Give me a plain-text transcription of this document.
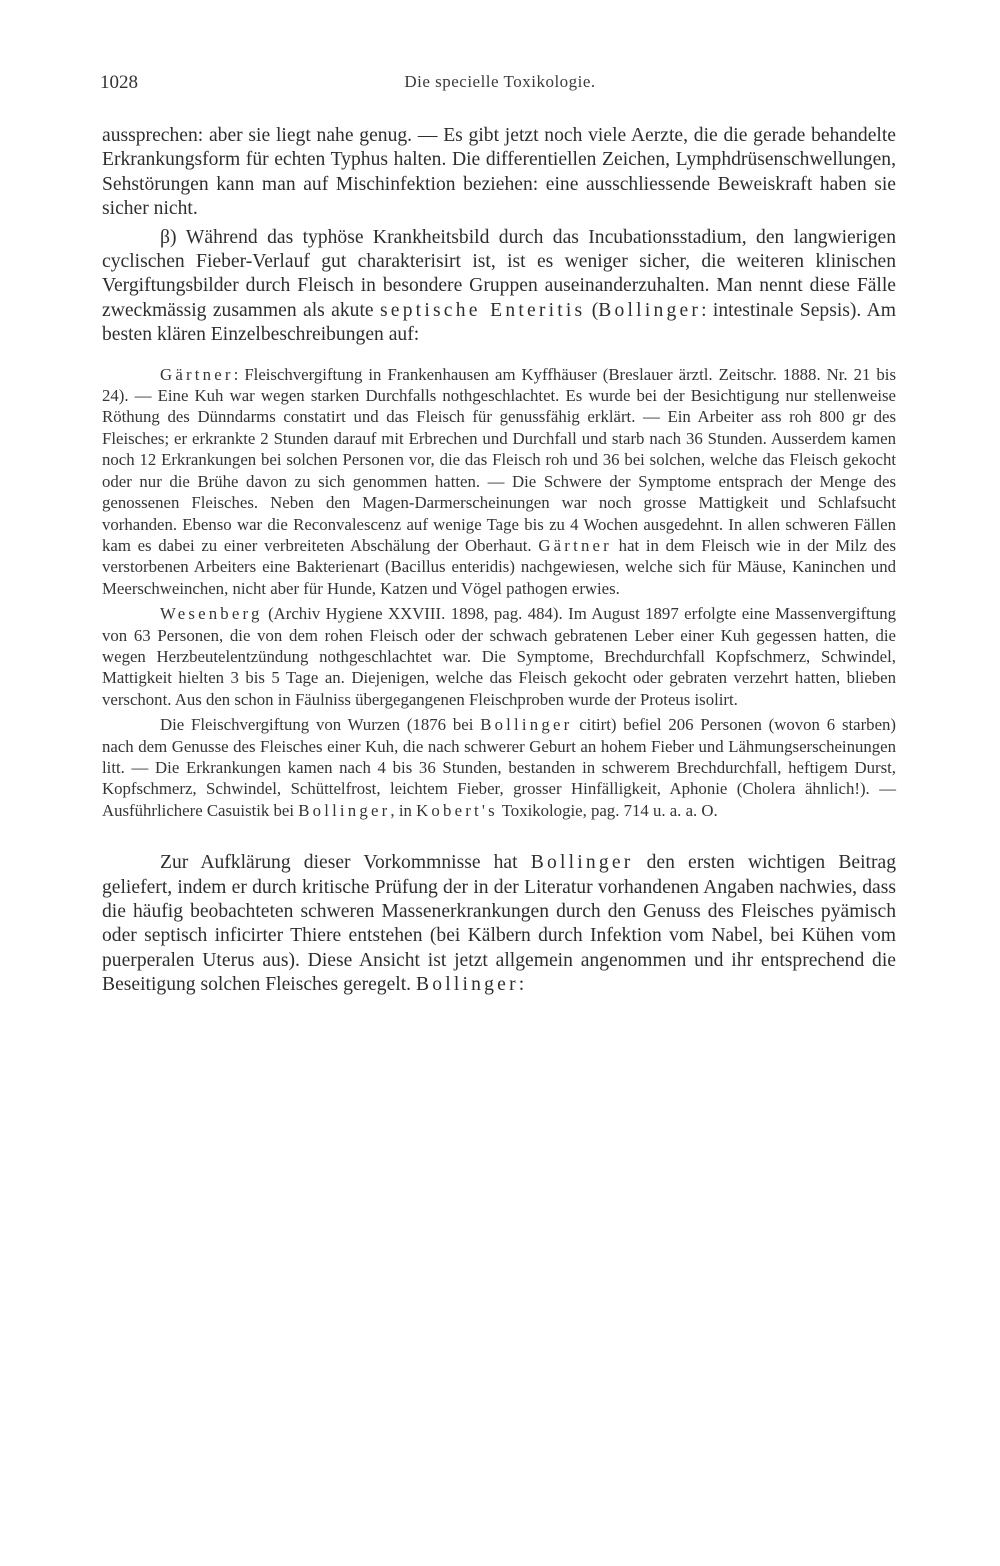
1028	Die specielle Toxikologie.

aussprechen: aber sie liegt nahe genug. — Es gibt jetzt noch viele Aerzte, die die gerade behandelte Erkrankungsform für echten Typhus halten. Die differentiellen Zeichen, Lymphdrüsenschwellungen, Sehstörungen kann man auf Mischinfektion beziehen: eine ausschliessende Beweiskraft haben sie sicher nicht.

β) Während das typhöse Krankheitsbild durch das Incubationsstadium, den langwierigen cyclischen Fieber-Verlauf gut charakterisirt ist, ist es weniger sicher, die weiteren klinischen Vergiftungsbilder durch Fleisch in besondere Gruppen auseinanderzuhalten. Man nennt diese Fälle zweckmässig zusammen als akute septische Enteritis (Bollinger: intestinale Sepsis). Am besten klären Einzelbeschreibungen auf:

Gärtner: Fleischvergiftung in Frankenhausen am Kyffhäuser (Breslauer ärztl. Zeitschr. 1888. Nr. 21 bis 24). — Eine Kuh war wegen starken Durchfalls nothgeschlachtet. Es wurde bei der Besichtigung nur stellenweise Röthung des Dünndarms constatirt und das Fleisch für genussfähig erklärt. — Ein Arbeiter ass roh 800 gr des Fleisches; er erkrankte 2 Stunden darauf mit Erbrechen und Durchfall und starb nach 36 Stunden. Ausserdem kamen noch 12 Erkrankungen bei solchen Personen vor, die das Fleisch roh und 36 bei solchen, welche das Fleisch gekocht oder nur die Brühe davon zu sich genommen hatten. — Die Schwere der Symptome entsprach der Menge des genossenen Fleisches. Neben den Magen-Darmerscheinungen war noch grosse Mattigkeit und Schlafsucht vorhanden. Ebenso war die Reconvalescenz auf wenige Tage bis zu 4 Wochen ausgedehnt. In allen schweren Fällen kam es dabei zu einer verbreiteten Abschälung der Oberhaut. Gärtner hat in dem Fleisch wie in der Milz des verstorbenen Arbeiters eine Bakterienart (Bacillus enteridis) nachgewiesen, welche sich für Mäuse, Kaninchen und Meerschweinchen, nicht aber für Hunde, Katzen und Vögel pathogen erwies.

Wesenberg (Archiv Hygiene XXVIII. 1898, pag. 484). Im August 1897 erfolgte eine Massenvergiftung von 63 Personen, die von dem rohen Fleisch oder der schwach gebratenen Leber einer Kuh gegessen hatten, die wegen Herzbeutelentzündung nothgeschlachtet war. Die Symptome, Brechdurchfall Kopfschmerz, Schwindel, Mattigkeit hielten 3 bis 5 Tage an. Diejenigen, welche das Fleisch gekocht oder gebraten verzehrt hatten, blieben verschont. Aus den schon in Fäulniss übergegangenen Fleischproben wurde der Proteus isolirt.

Die Fleischvergiftung von Wurzen (1876 bei Bollinger citirt) befiel 206 Personen (wovon 6 starben) nach dem Genusse des Fleisches einer Kuh, die nach schwerer Geburt an hohem Fieber und Lähmungserscheinungen litt. — Die Erkrankungen kamen nach 4 bis 36 Stunden, bestanden in schwerem Brechdurchfall, heftigem Durst, Kopfschmerz, Schwindel, Schüttelfrost, leichtem Fieber, grosser Hinfälligkeit, Aphonie (Cholera ähnlich!). — Ausführlichere Casuistik bei Bollinger, in Kobert's Toxikologie, pag. 714 u. a. a. O.

Zur Aufklärung dieser Vorkommnisse hat Bollinger den ersten wichtigen Beitrag geliefert, indem er durch kritische Prüfung der in der Literatur vorhandenen Angaben nachwies, dass die häufig beobachteten schweren Massenerkrankungen durch den Genuss des Fleisches pyämisch oder septisch inficirter Thiere entstehen (bei Kälbern durch Infektion vom Nabel, bei Kühen vom puerperalen Uterus aus). Diese Ansicht ist jetzt allgemein angenommen und ihr entsprechend die Beseitigung solchen Fleisches geregelt. Bollinger:
